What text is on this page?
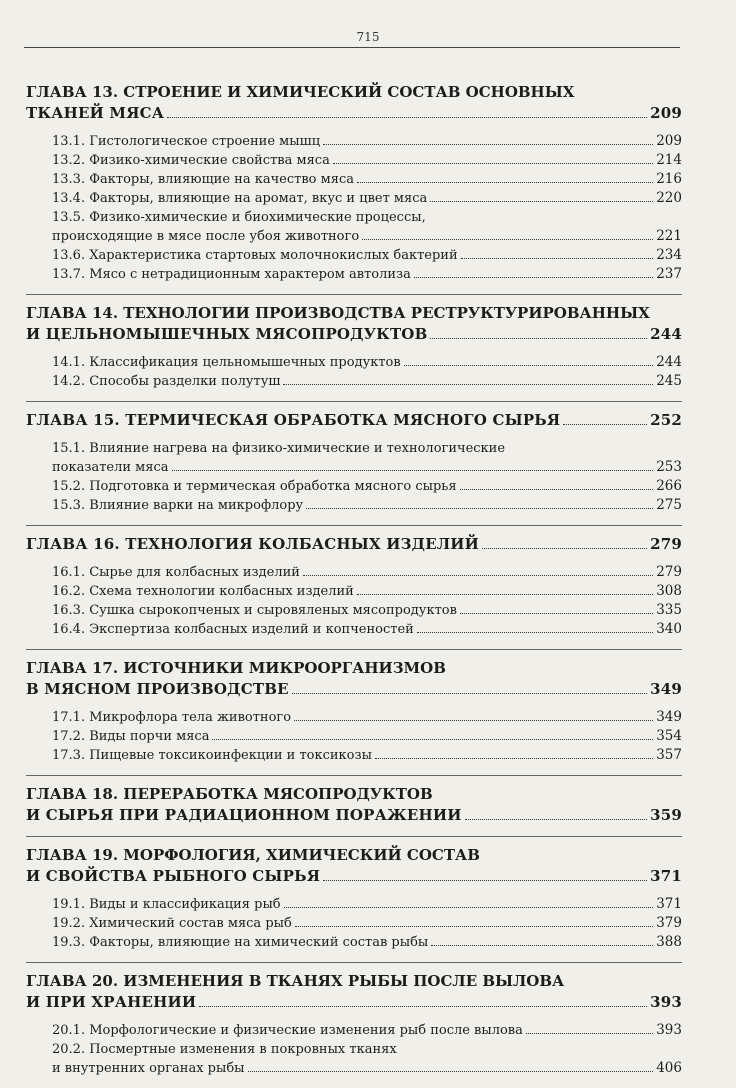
715
ГЛАВА 13. СТРОЕНИЕ И ХИМИЧЕСКИЙ СОСТАВ ОСНОВНЫХ
ТКАНЕЙ МЯСА	209
13.1. Гистологическое строение мышц	209
13.2. Физико-химические свойства мяса	214
13.3. Факторы, влияющие на качество мяса	216
13.4. Факторы, влияющие на аромат, вкус и цвет мяса	220
13.5. Физико-химические и биохимические процессы,
происходящие в мясе после убоя животного	221
13.6. Характеристика стартовых молочнокислых бактерий	234
13.7. Мясо с нетрадиционным характером автолиза	237
ГЛАВА 14. ТЕХНОЛОГИИ ПРОИЗВОДСТВА РЕСТРУКТУРИРОВАННЫХ
И ЦЕЛЬНОМЫШЕЧНЫХ МЯСОПРОДУКТОВ	244
14.1. Классификация цельномышечных продуктов	244
14.2. Способы разделки полутуш	245
ГЛАВА 15. ТЕРМИЧЕСКАЯ ОБРАБОТКА МЯСНОГО СЫРЬЯ	252
15.1. Влияние нагрева на физико-химические и технологические
показатели мяса	253
15.2. Подготовка и термическая обработка мясного сырья	266
15.3. Влияние варки на микрофлору	275
ГЛАВА 16. ТЕХНОЛОГИЯ КОЛБАСНЫХ ИЗДЕЛИЙ	279
16.1. Сырье для колбасных изделий	279
16.2. Схема технологии колбасных изделий	308
16.3. Сушка сырокопченых и сыровяленых мясопродуктов	335
16.4. Экспертиза колбасных изделий и копченостей	340
ГЛАВА 17. ИСТОЧНИКИ МИКРООРГАНИЗМОВ
В МЯСНОМ ПРОИЗВОДСТВЕ	349
17.1. Микрофлора тела животного	349
17.2. Виды порчи мяса	354
17.3. Пищевые токсикоинфекции и токсикозы	357
ГЛАВА 18. ПЕРЕРАБОТКА МЯСОПРОДУКТОВ
И СЫРЬЯ ПРИ РАДИАЦИОННОМ ПОРАЖЕНИИ	359
ГЛАВА 19. МОРФОЛОГИЯ, ХИМИЧЕСКИЙ СОСТАВ
И СВОЙСТВА РЫБНОГО СЫРЬЯ	371
19.1. Виды и классификация рыб	371
19.2. Химический состав мяса рыб	379
19.3. Факторы, влияющие на химический состав рыбы	388
ГЛАВА 20. ИЗМЕНЕНИЯ В ТКАНЯХ РЫБЫ ПОСЛЕ ВЫЛОВА
И ПРИ ХРАНЕНИИ	393
20.1. Морфологические и физические изменения рыб после вылова	393
20.2. Посмертные изменения в покровных тканях
и внутренних органах рыбы	406
